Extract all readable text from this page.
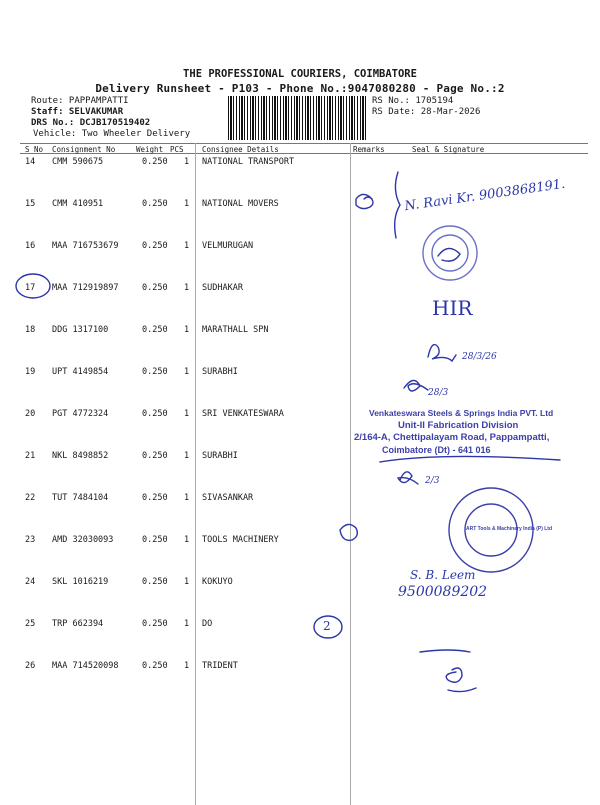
THE PROFESSIONAL COURIERS, COIMBATORE
Delivery Runsheet - P103 - Phone No.:9047080280 - Page No.:2
Route: PAPPAMPATTI
Staff: SELVAKUMAR
DRS No.: DCJB170519402
Vehicle: Two Wheeler Delivery
RS No.: 1705194
RS Date: 28-Mar-2026
S No Consignment No	Weight PCS Consignee Details	Remarks	Seal & Signature
14 CMM 590675	0.250 1 NATIONAL TRANSPORT
15 CMM 410951	0.250 1 NATIONAL MOVERS
16 MAA 716753679	0.250 1 VELMURUGAN
17 MAA 712919897	0.250 1 SUDHAKAR
18 DDG 1317100	0.250 1 MARATHALL SPN
19 UPT 4149854	0.250 1 SURABHI
20 PGT 4772324	0.250 1 SRI VENKATESWARA
21 NKL 8498852	0.250 1 SURABHI
22 TUT 7484104	0.250 1 SIVASANKAR
23 AMD 32030093	0.250 1 TOOLS MACHINERY
24 SKL 1016219	0.250 1 KOKUYO
25 TRP 662394	0.250 1 DO
26 MAA 714520098	0.250 1 TRIDENT
N. Ravi Kr. 9003868191.
HIR
28/3/26
28/3
2/3
S. B. Leem
9500089202
2
Venkateswara Steels & Springs India PVT. Ltd
Unit-II Fabrication Division
2/164-A, Chettipalayam Road, Pappampatti,
Coimbatore (Dt) - 641 016
ART Tools & Machinery India (P) Ltd
